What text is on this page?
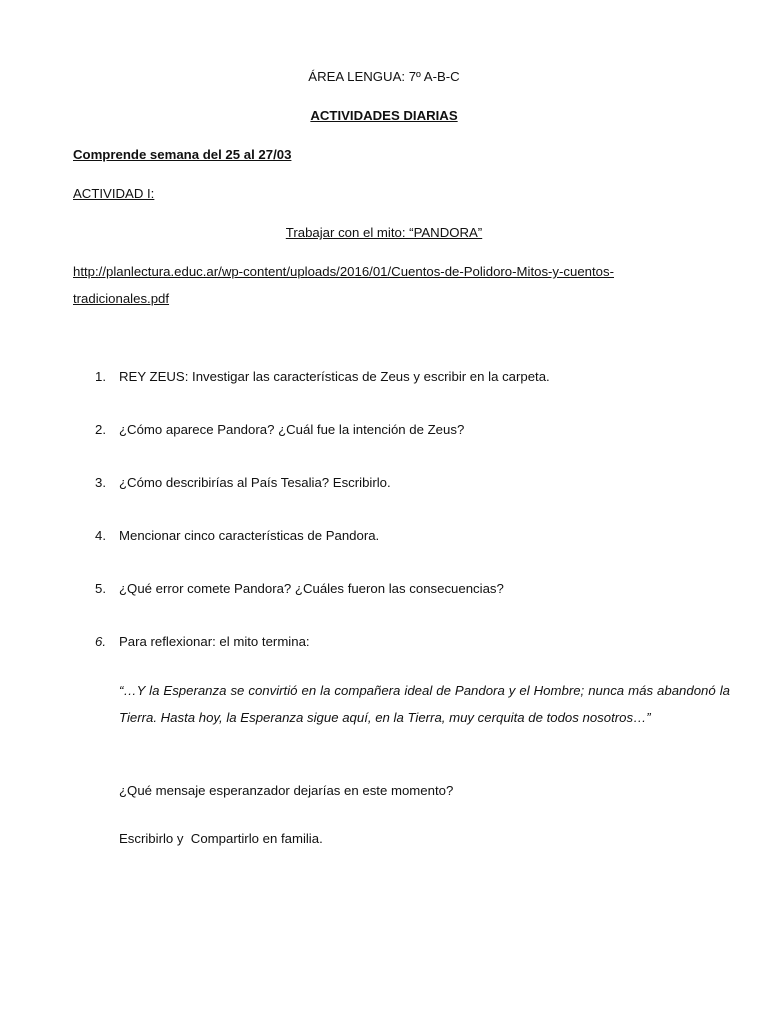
ÁREA LENGUA: 7º A-B-C
ACTIVIDADES DIARIAS
Comprende semana del 25 al 27/03
ACTIVIDAD I:
Trabajar con el mito: “PANDORA”
http://planlectura.educ.ar/wp-content/uploads/2016/01/Cuentos-de-Polidoro-Mitos-y-cuentos-
tradicionales.pdf
1. REY ZEUS: Investigar las características de Zeus y escribir en la carpeta.
2. ¿Cómo aparece Pandora? ¿Cuál fue la intención de Zeus?
3. ¿Cómo describirías al País Tesalia? Escribirlo.
4. Mencionar cinco características de Pandora.
5. ¿Qué error comete Pandora? ¿Cuáles fueron las consecuencias?
6. Para reflexionar: el mito termina:
“…Y la Esperanza se convirtió en la compañera ideal de Pandora y el Hombre; nunca más abandonó la Tierra. Hasta hoy, la Esperanza sigue aquí, en la Tierra, muy cerquita de todos nosotros…”
¿Qué mensaje esperanzador dejarías en este momento?
Escribirlo y  Compartirlo en familia.
